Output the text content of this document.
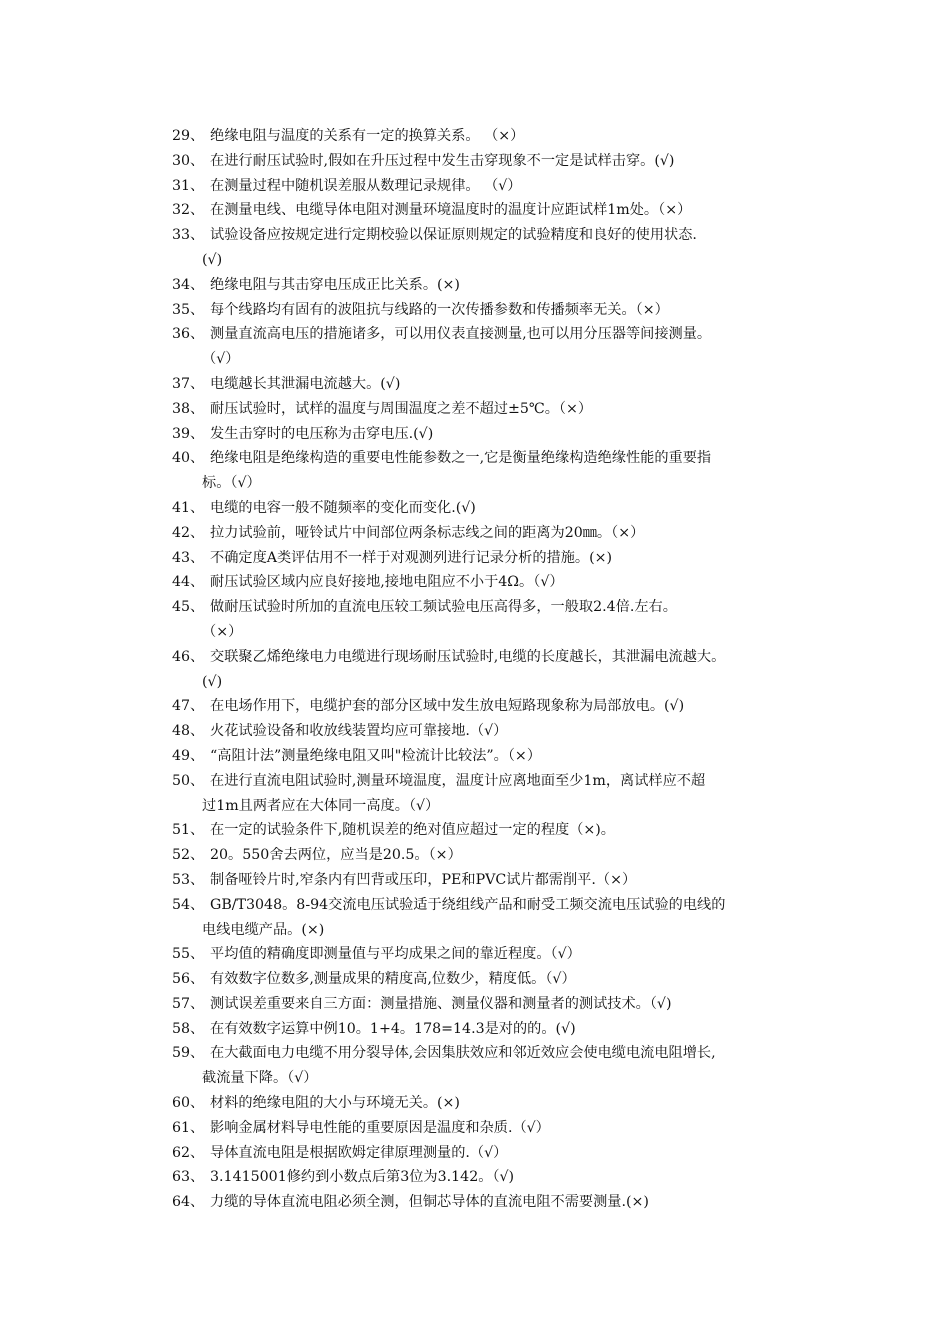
29、 绝缘电阻与温度的关系有一定的换算关系。 （×）
30、 在进行耐压试验时,假如在升压过程中发生击穿现象不一定是试样击穿。(√)
31、 在测量过程中随机误差服从数理记录规律。 （√）
32、 在测量电线、电缆导体电阻对测量环境温度时的温度计应距试样1m处。（×）
33、 试验设备应按规定进行定期校验以保证原则规定的试验精度和良好的使用状态.
(√)
34、 绝缘电阻与其击穿电压成正比关系。(×)
35、 每个线路均有固有的波阻抗与线路的一次传播参数和传播频率无关。（×）
36、 测量直流高电压的措施诸多，可以用仪表直接测量,也可以用分压器等间接测量。
（√）
37、 电缆越长其泄漏电流越大。(√)
38、 耐压试验时，试样的温度与周围温度之差不超过±5℃。（×）
39、 发生击穿时的电压称为击穿电压.(√)
40、 绝缘电阻是绝缘构造的重要电性能参数之一,它是衡量绝缘构造绝缘性能的重要指
标。（√）
41、 电缆的电容一般不随频率的变化而变化.(√)
42、 拉力试验前，哑铃试片中间部位两条标志线之间的距离为20㎜。（×）
43、 不确定度A类评估用不一样于对观测列进行记录分析的措施。(×)
44、 耐压试验区域内应良好接地,接地电阻应不小于4Ω。（√）
45、 做耐压试验时所加的直流电压较工频试验电压高得多，一般取2.4倍.左右。
（×）
46、 交联聚乙烯绝缘电力电缆进行现场耐压试验时,电缆的长度越长，其泄漏电流越大。
(√)
47、 在电场作用下，电缆护套的部分区域中发生放电短路现象称为局部放电。(√)
48、 火花试验设备和收放线装置均应可靠接地.（√）
49、 “高阻计法”测量绝缘电阻又叫"检流计比较法”。（×）
50、 在进行直流电阻试验时,测量环境温度，温度计应离地面至少1m，离试样应不超
过1m且两者应在大体同一高度。（√）
51、 在一定的试验条件下,随机误差的绝对值应超过一定的程度（×)。
52、 20。550舍去两位，应当是20.5。（×）
53、 制备哑铃片时,窄条内有凹背或压印，PE和PVC试片都需削平.（×）
54、 GB/T3048。8-94交流电压试验适于绕组线产品和耐受工频交流电压试验的电线的
电线电缆产品。(×)
55、 平均值的精确度即测量值与平均成果之间的靠近程度。（√）
56、 有效数字位数多,测量成果的精度高,位数少，精度低。（√）
57、 测试误差重要来自三方面：测量措施、测量仪器和测量者的测试技术。（√)
58、 在有效数字运算中例10。1+4。178=14.3是对的的。(√)
59、 在大截面电力电缆不用分裂导体,会因集肤效应和邻近效应会使电缆电流电阻增长,
截流量下降。（√）
60、 材料的绝缘电阻的大小与环境无关。(×)
61、 影响金属材料导电性能的重要原因是温度和杂质.（√）
62、 导体直流电阻是根据欧姆定律原理测量的.（√）
63、 3.1415001修约到小数点后第3位为3.142。（√)
64、 力缆的导体直流电阻必须全测，但铜芯导体的直流电阻不需要测量.(×)
